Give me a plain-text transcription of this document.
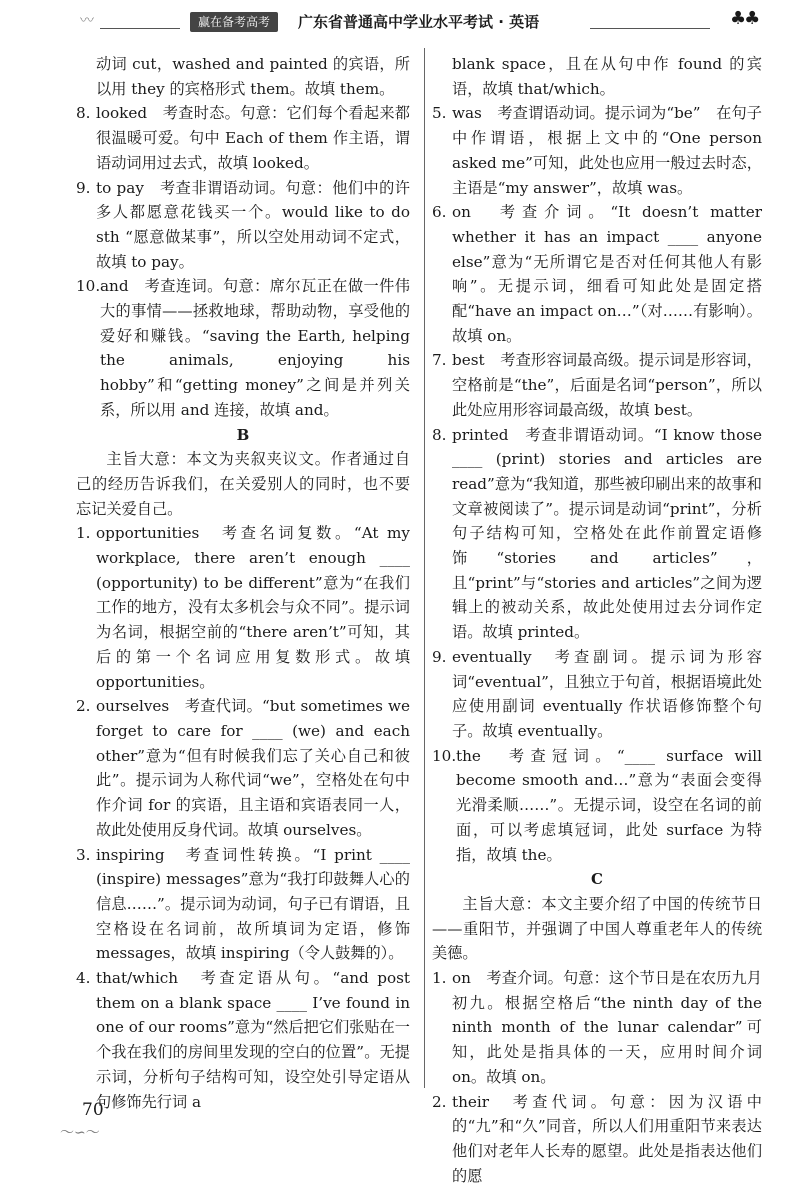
〰	赢在备考高考	广东省普通高中学业水平考试 · 英语	♣♣

动词 cut，washed and painted 的宾语，所以用 they 的宾格形式 them。故填 them。

8. looked　考查时态。句意：它们每个看起来都很温暖可爱。句中 Each of them 作主语，谓语动词用过去式，故填 looked。
9. to pay　考查非谓语动词。句意：他们中的许多人都愿意花钱买一个。would like to do sth “愿意做某事”，所以空处用动词不定式，故填 to pay。
10. and　考查连词。句意：席尔瓦正在做一件伟大的事情——拯救地球，帮助动物，享受他的爱好和赚钱。“saving the Earth, helping the animals, enjoying his hobby”和“getting money”之间是并列关系，所以用 and 连接，故填 and。

B

主旨大意：本文为夹叙夹议文。作者通过自己的经历告诉我们，在关爱别人的同时，也不要忘记关爱自己。

1. opportunities　考查名词复数。“At my workplace, there aren’t enough ____ (opportunity) to be different”意为“在我们工作的地方，没有太多机会与众不同”。提示词为名词，根据空前的“there aren’t”可知，其后的第一个名词应用复数形式。故填 opportunities。
2. ourselves　考查代词。“but sometimes we forget to care for ____ (we) and each other”意为“但有时候我们忘了关心自己和彼此”。提示词为人称代词“we”，空格处在句中作介词 for 的宾语，且主语和宾语表同一人，故此处使用反身代词。故填 ourselves。
3. inspiring　考查词性转换。“I print ____ (inspire) messages”意为“我打印鼓舞人心的信息……”。提示词为动词，句子已有谓语，且空格设在名词前，故所填词为定语，修饰 messages，故填 inspiring（令人鼓舞的）。
4. that/which　考查定语从句。“and post them on a blank space ____ I’ve found in one of our rooms”意为“然后把它们张贴在一个我在我们的房间里发现的空白的位置”。无提示词，分析句子结构可知，设空处引导定语从句修饰先行词 a

blank space，且在从句中作 found 的宾语，故填 that/which。

5. was　考查谓语动词。提示词为“be”　在句子中作谓语，根据上文中的“One person asked me”可知，此处也应用一般过去时态，主语是“my answer”，故填 was。
6. on　考查介词。“It doesn’t matter whether it has an impact ____ anyone else”意为“无所谓它是否对任何其他人有影响”。无提示词，细看可知此处是固定搭配“have an impact on…”（对……有影响）。故填 on。
7. best　考查形容词最高级。提示词是形容词，空格前是“the”，后面是名词“person”，所以此处应用形容词最高级，故填 best。
8. printed　考查非谓语动词。“I know those ____ (print) stories and articles are read”意为“我知道，那些被印刷出来的故事和文章被阅读了”。提示词是动词“print”，分析句子结构可知，空格处在此作前置定语修饰“stories and articles”，且“print”与“stories and articles”之间为逻辑上的被动关系，故此处使用过去分词作定语。故填 printed。
9. eventually　考查副词。提示词为形容词“eventual”，且独立于句首，根据语境此处应使用副词 eventually 作状语修饰整个句子。故填 eventually。
10. the　考查冠词。“____ surface will become smooth and…”意为“表面会变得光滑柔顺……”。无提示词，设空在名词的前面，可以考虑填冠词，此处 surface 为特指，故填 the。

C

主旨大意：本文主要介绍了中国的传统节日——重阳节，并强调了中国人尊重老年人的传统美德。

1. on　考查介词。句意：这个节日是在农历九月初九。根据空格后“the ninth day of the ninth month of the lunar calendar”可知，此处是指具体的一天，应用时间介词 on。故填 on。
2. their　考查代词。句意：因为汉语中的“九”和“久”同音，所以人们用重阳节来表达他们对老年人长寿的愿望。此处是指表达他们的愿
70
～∽～
